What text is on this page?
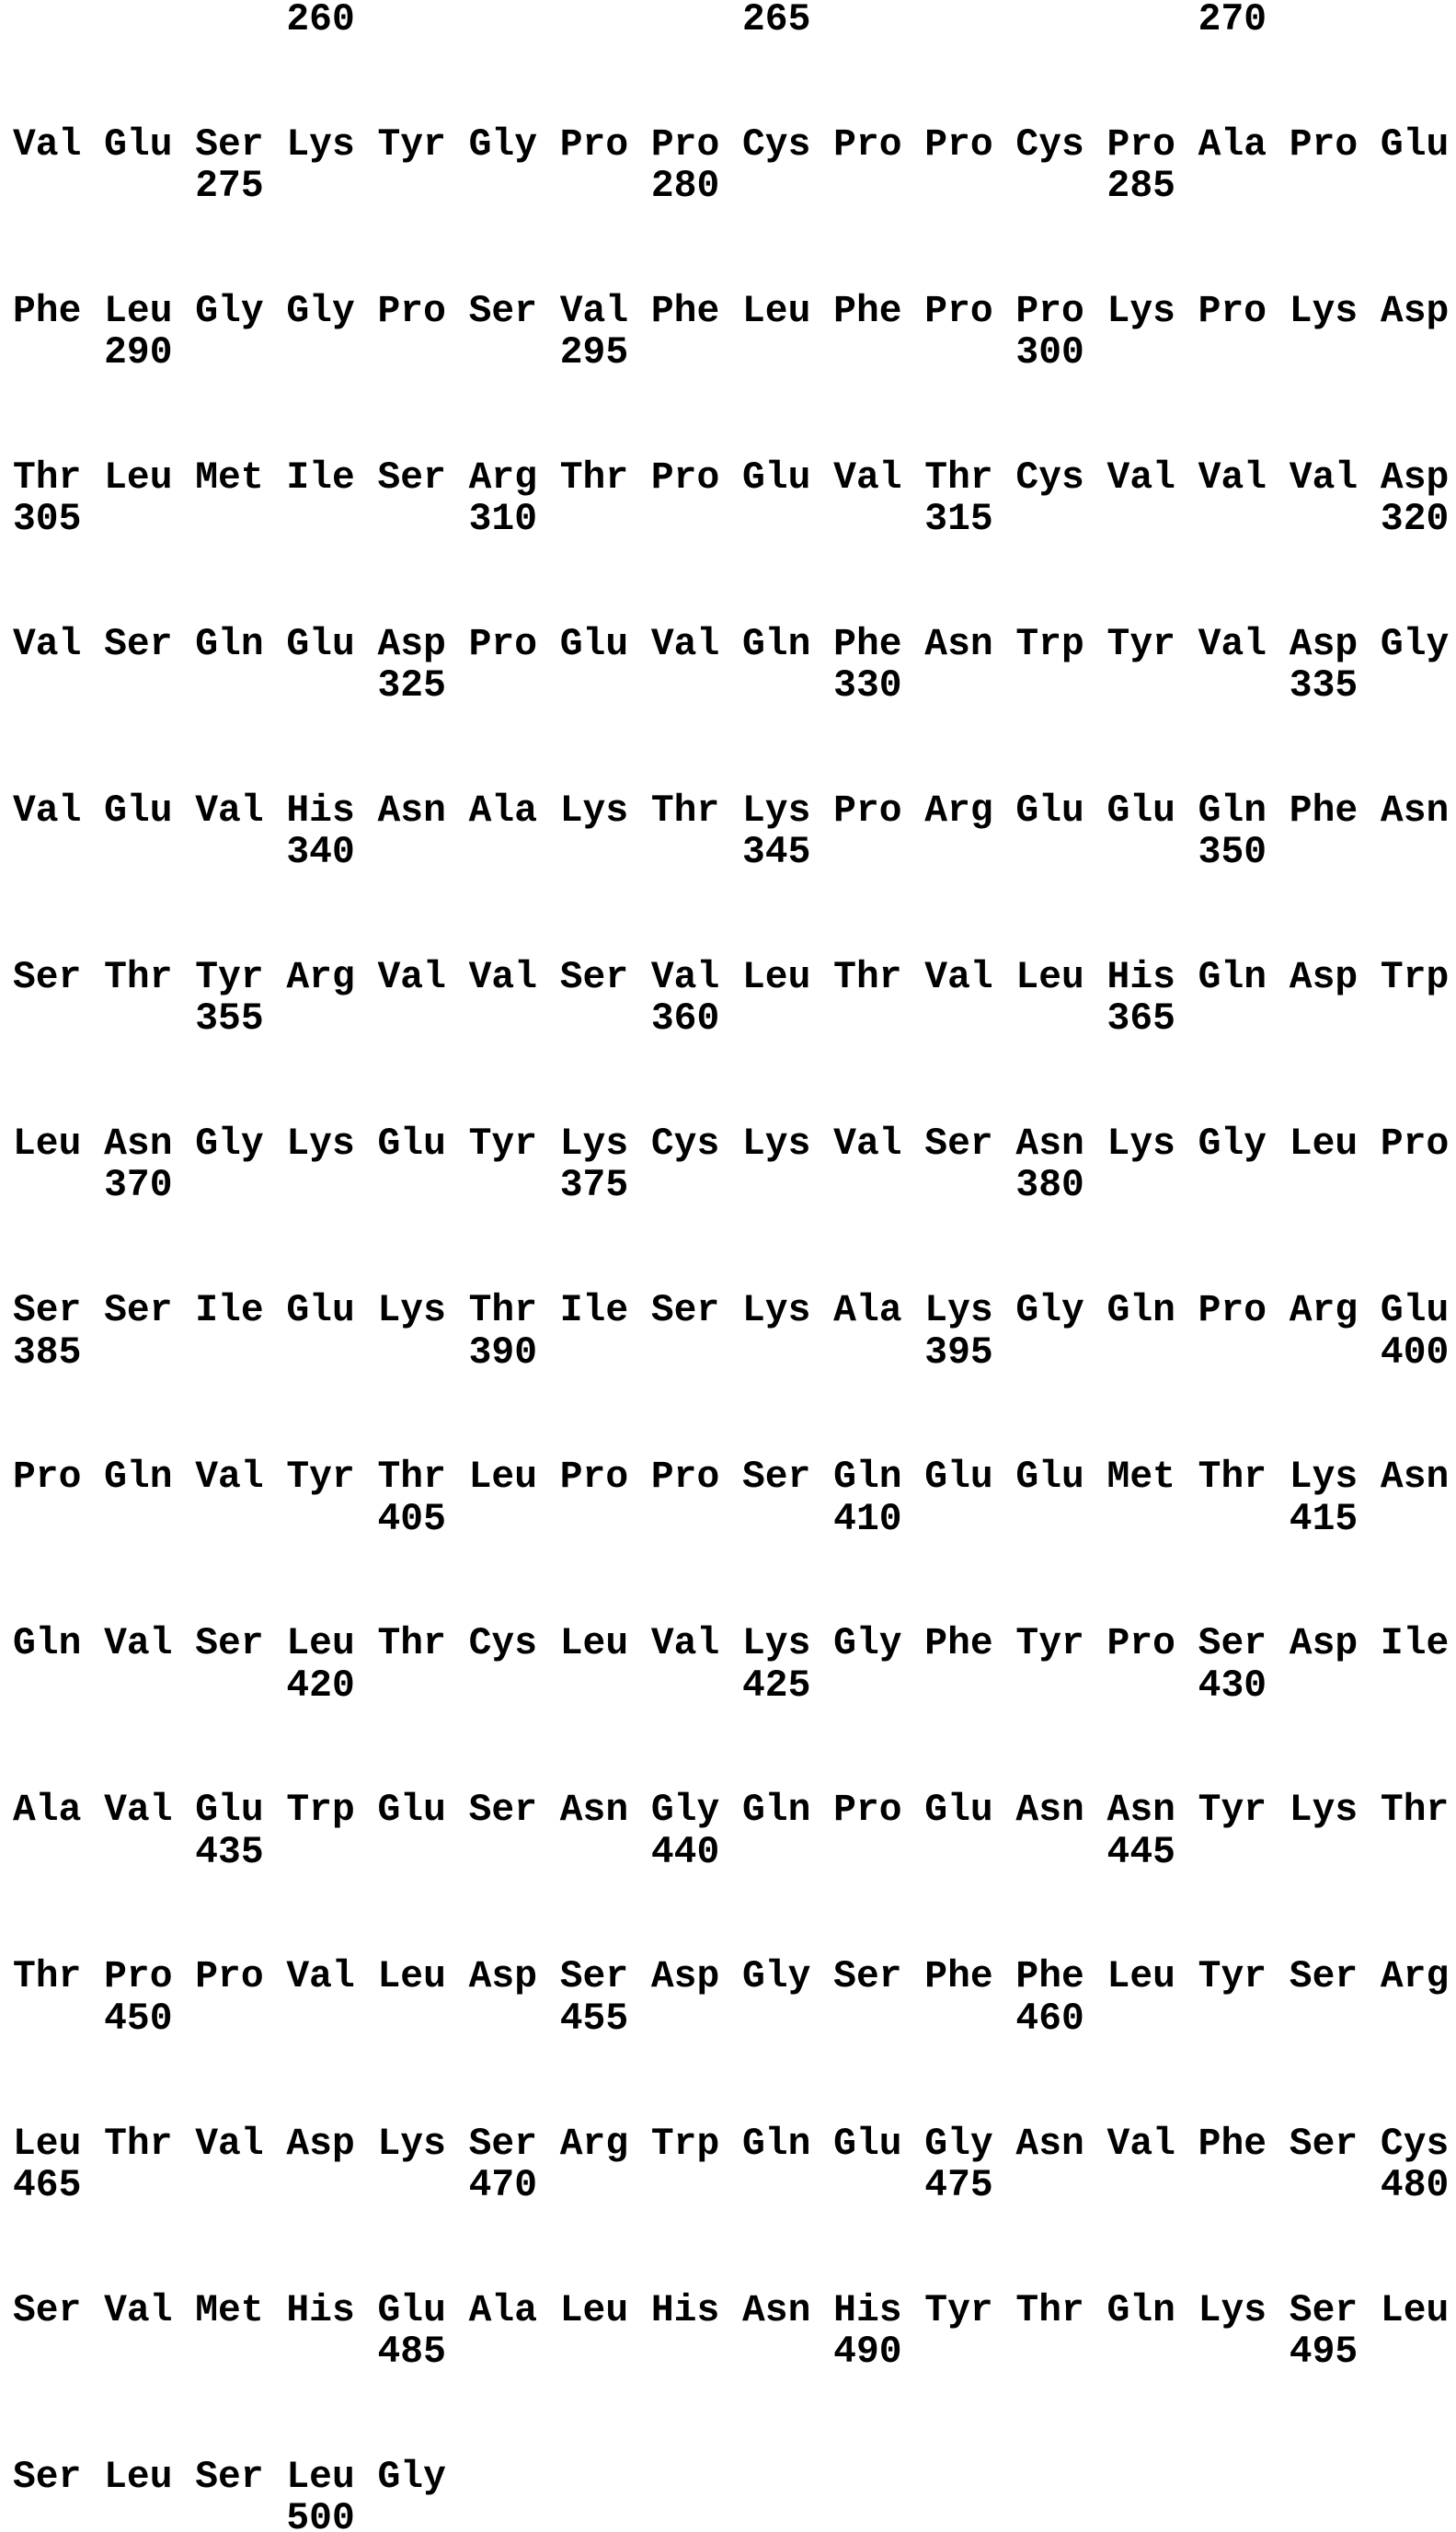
260                 265                 270

Val Glu Ser Lys Tyr Gly Pro Pro Cys Pro Pro Cys Pro Ala Pro Glu
275                 280                 285

Phe Leu Gly Gly Pro Ser Val Phe Leu Phe Pro Pro Lys Pro Lys Asp
290                 295                 300

Thr Leu Met Ile Ser Arg Thr Pro Glu Val Thr Cys Val Val Val Asp
305                 310                 315                 320

Val Ser Gln Glu Asp Pro Glu Val Gln Phe Asn Trp Tyr Val Asp Gly
325                 330                 335

Val Glu Val His Asn Ala Lys Thr Lys Pro Arg Glu Glu Gln Phe Asn
340                 345                 350

Ser Thr Tyr Arg Val Val Ser Val Leu Thr Val Leu His Gln Asp Trp
355                 360                 365

Leu Asn Gly Lys Glu Tyr Lys Cys Lys Val Ser Asn Lys Gly Leu Pro
370                 375                 380

Ser Ser Ile Glu Lys Thr Ile Ser Lys Ala Lys Gly Gln Pro Arg Glu
385                 390                 395                 400

Pro Gln Val Tyr Thr Leu Pro Pro Ser Gln Glu Glu Met Thr Lys Asn
405                 410                 415

Gln Val Ser Leu Thr Cys Leu Val Lys Gly Phe Tyr Pro Ser Asp Ile
420                 425                 430

Ala Val Glu Trp Glu Ser Asn Gly Gln Pro Glu Asn Asn Tyr Lys Thr
435                 440                 445

Thr Pro Pro Val Leu Asp Ser Asp Gly Ser Phe Phe Leu Tyr Ser Arg
450                 455                 460

Leu Thr Val Asp Lys Ser Arg Trp Gln Glu Gly Asn Val Phe Ser Cys
465                 470                 475                 480

Ser Val Met His Glu Ala Leu His Asn His Tyr Thr Gln Lys Ser Leu
485                 490                 495

Ser Leu Ser Leu Gly
500
